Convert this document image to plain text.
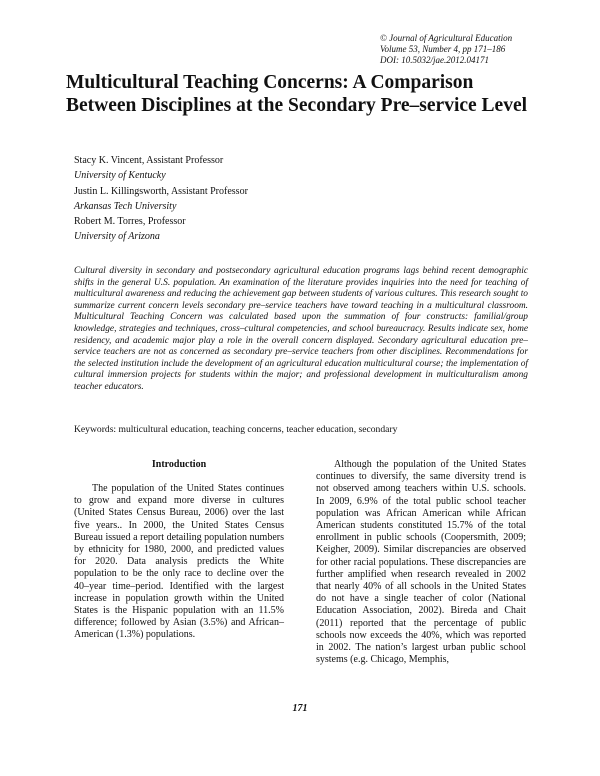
© Journal of Agricultural Education
Volume 53, Number 4, pp 171–186
DOI: 10.5032/jae.2012.04171
Multicultural Teaching Concerns: A Comparison Between Disciplines at the Secondary Pre–service Level
Stacy K. Vincent, Assistant Professor
University of Kentucky
Justin L. Killingsworth, Assistant Professor
Arkansas Tech University
Robert M. Torres, Professor
University of Arizona

Cultural diversity in secondary and postsecondary agricultural education programs lags behind recent demographic shifts in the general U.S. population. An examination of the literature provides inquiries into the need for teaching of multicultural awareness and reducing the achievement gap between students of various cultures. This research sought to summarize current concern levels secondary pre–service teachers have toward teaching in a multicultural classroom. Multicultural Teaching Concern was calculated based upon the summation of four constructs: familial/group knowledge, strategies and techniques, cross–cultural competencies, and school bureaucracy. Results indicate sex, home residency, and academic major play a role in the overall concern displayed. Secondary agricultural education pre–service teachers are not as concerned as secondary pre–service teachers from other disciplines. Recommendations for the selected institution include the development of an agricultural education multicultural course; the implementation of cultural immersion projects for students within the major; and professional development in multiculturalism among teacher educators.

Keywords: multicultural education, teaching concerns, teacher education, secondary
Introduction

The population of the United States continues to grow and expand more diverse in cultures (United States Census Bureau, 2006) over the last five years.. In 2000, the United States Census Bureau issued a report detailing population numbers by ethnicity for 1980, 2000, and predicted values for 2020. Data analysis predicts the White population to be the only race to decline over the 40–year time–period. Identified with the largest increase in population growth within the United States is the Hispanic population with an 11.5% difference; followed by Asian (3.5%) and African–American (1.3%) populations.

Although the population of the United States continues to diversify, the same diversity trend is not observed among teachers within U.S. schools. In 2009, 6.9% of the total public school teacher population was African American while African American students constituted 15.7% of the total enrollment in public schools (Coopersmith, 2009; Keigher, 2009). Similar discrepancies are observed for other racial populations. These discrepancies are further amplified when research revealed in 2002 that nearly 40% of all schools in the United States do not have a single teacher of color (National Education Association, 2002). Bireda and Chait (2011) reported that the percentage of public schools now exceeds the 40%, which was reported in 2002. The nation’s largest urban public school systems (e.g. Chicago, Memphis,

171
